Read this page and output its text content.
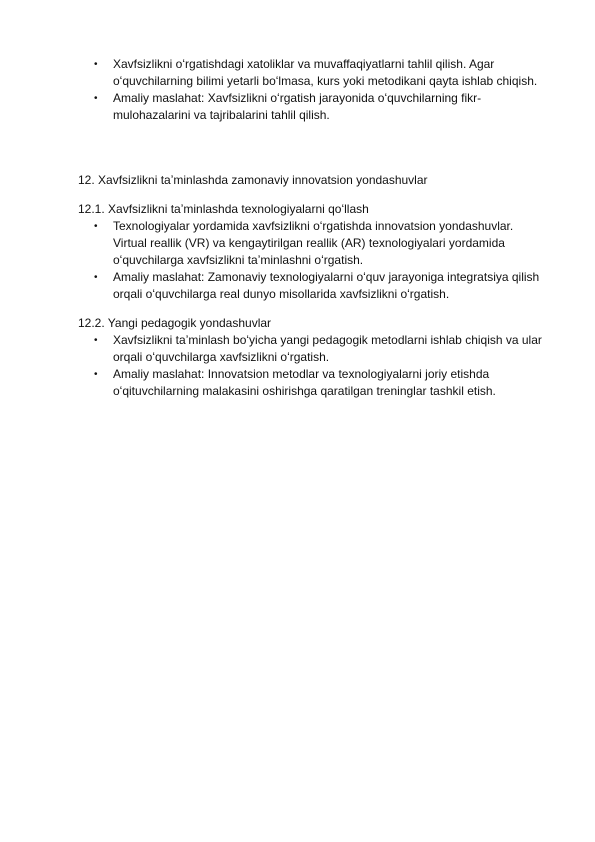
• Xavfsizlikni oʻrgatishdagi xatoliklar va muvaffaqiyatlarni tahlil qilish. Agar oʻquvchilarning bilimi yetarli boʻlmasa, kurs yoki metodikani qayta ishlab chiqish.
• Amaliy maslahat: Xavfsizlikni oʻrgatish jarayonida oʻquvchilarning fikr-mulohazalarini va tajribalarini tahlil qilish.

12. Xavfsizlikni taʼminlashda zamonaviy innovatsion yondashuvlar

12.1. Xavfsizlikni taʼminlashda texnologiyalarni qoʻllash

• Texnologiyalar yordamida xavfsizlikni oʻrgatishda innovatsion yondashuvlar. Virtual reallik (VR) va kengaytirilgan reallik (AR) texnologiyalari yordamida oʻquvchilarga xavfsizlikni taʼminlashni oʻrgatish.
• Amaliy maslahat: Zamonaviy texnologiyalarni oʻquv jarayoniga integratsiya qilish orqali oʻquvchilarga real dunyo misollarida xavfsizlikni oʻrgatish.

12.2. Yangi pedagogik yondashuvlar

• Xavfsizlikni taʼminlash boʻyicha yangi pedagogik metodlarni ishlab chiqish va ular orqali oʻquvchilarga xavfsizlikni oʻrgatish.
• Amaliy maslahat: Innovatsion metodlar va texnologiyalarni joriy etishda oʻqituvchilarning malakasini oshirishga qaratilgan treninglar tashkil etish.
